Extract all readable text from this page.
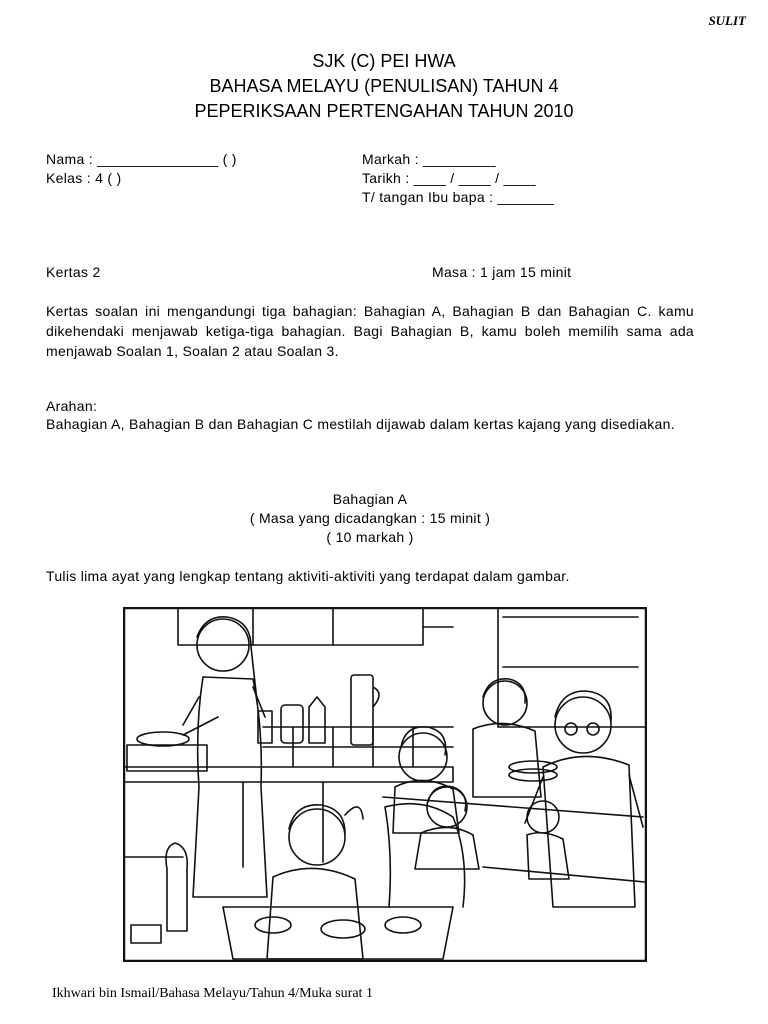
SULIT
SJK (C) PEI HWA
BAHASA MELAYU (PENULISAN) TAHUN 4
PEPERIKSAAN PERTENGAHAN TAHUN 2010
Nama : _______________ ( )
Kelas : 4 ( )
Markah : _________
Tarikh : ____ / ____ / ____
T/ tangan Ibu bapa : _______
Kertas 2	Masa : 1 jam 15 minit
Kertas soalan ini mengandungi tiga bahagian: Bahagian A, Bahagian B dan Bahagian C. kamu dikehendaki menjawab ketiga-tiga bahagian. Bagi Bahagian B, kamu boleh memilih sama ada menjawab Soalan 1, Soalan 2 atau Soalan 3.
Arahan:
Bahagian A, Bahagian B dan Bahagian C mestilah dijawab dalam kertas kajang yang disediakan.
Bahagian A
( Masa yang dicadangkan : 15 minit )
( 10 markah )
Tulis lima ayat yang lengkap tentang aktiviti-aktiviti yang terdapat dalam gambar.
Ikhwari bin Ismail/Bahasa Melayu/Tahun 4/Muka surat 1
